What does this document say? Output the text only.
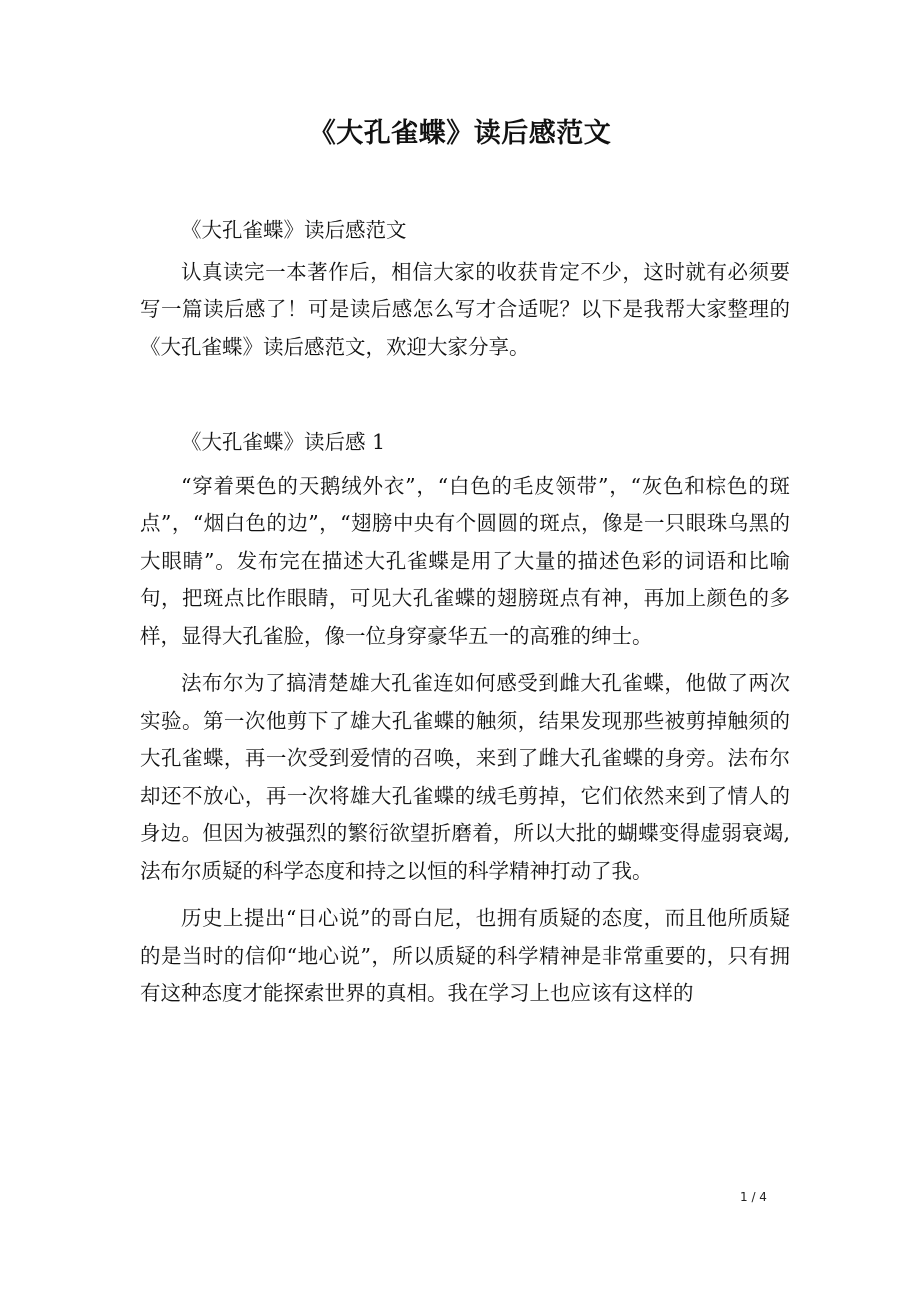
《大孔雀蝶》读后感范文

《大孔雀蝶》读后感范文

认真读完一本著作后，相信大家的收获肯定不少，这时就有必须要写一篇读后感了！可是读后感怎么写才合适呢？以下是我帮大家整理的《大孔雀蝶》读后感范文，欢迎大家分享。

《大孔雀蝶》读后感 1

“穿着栗色的天鹅绒外衣”，“白色的毛皮领带”，“灰色和棕色的斑点”，“烟白色的边”，“翅膀中央有个圆圆的斑点，像是一只眼珠乌黑的大眼睛”。发布完在描述大孔雀蝶是用了大量的描述色彩的词语和比喻句，把斑点比作眼睛，可见大孔雀蝶的翅膀斑点有神，再加上颜色的多样，显得大孔雀脸，像一位身穿豪华五一的高雅的绅士。

法布尔为了搞清楚雄大孔雀连如何感受到雌大孔雀蝶，他做了两次实验。第一次他剪下了雄大孔雀蝶的触须，结果发现那些被剪掉触须的大孔雀蝶，再一次受到爱情的召唤，来到了雌大孔雀蝶的身旁。法布尔却还不放心，再一次将雄大孔雀蝶的绒毛剪掉，它们依然来到了情人的身边。但因为被强烈的繁衍欲望折磨着，所以大批的蝴蝶变得虚弱衰竭,法布尔质疑的科学态度和持之以恒的科学精神打动了我。

历史上提出“日心说”的哥白尼，也拥有质疑的态度，而且他所质疑的是当时的信仰“地心说”，所以质疑的科学精神是非常重要的，只有拥有这种态度才能探索世界的真相。我在学习上也应该有这样的

1 / 4
